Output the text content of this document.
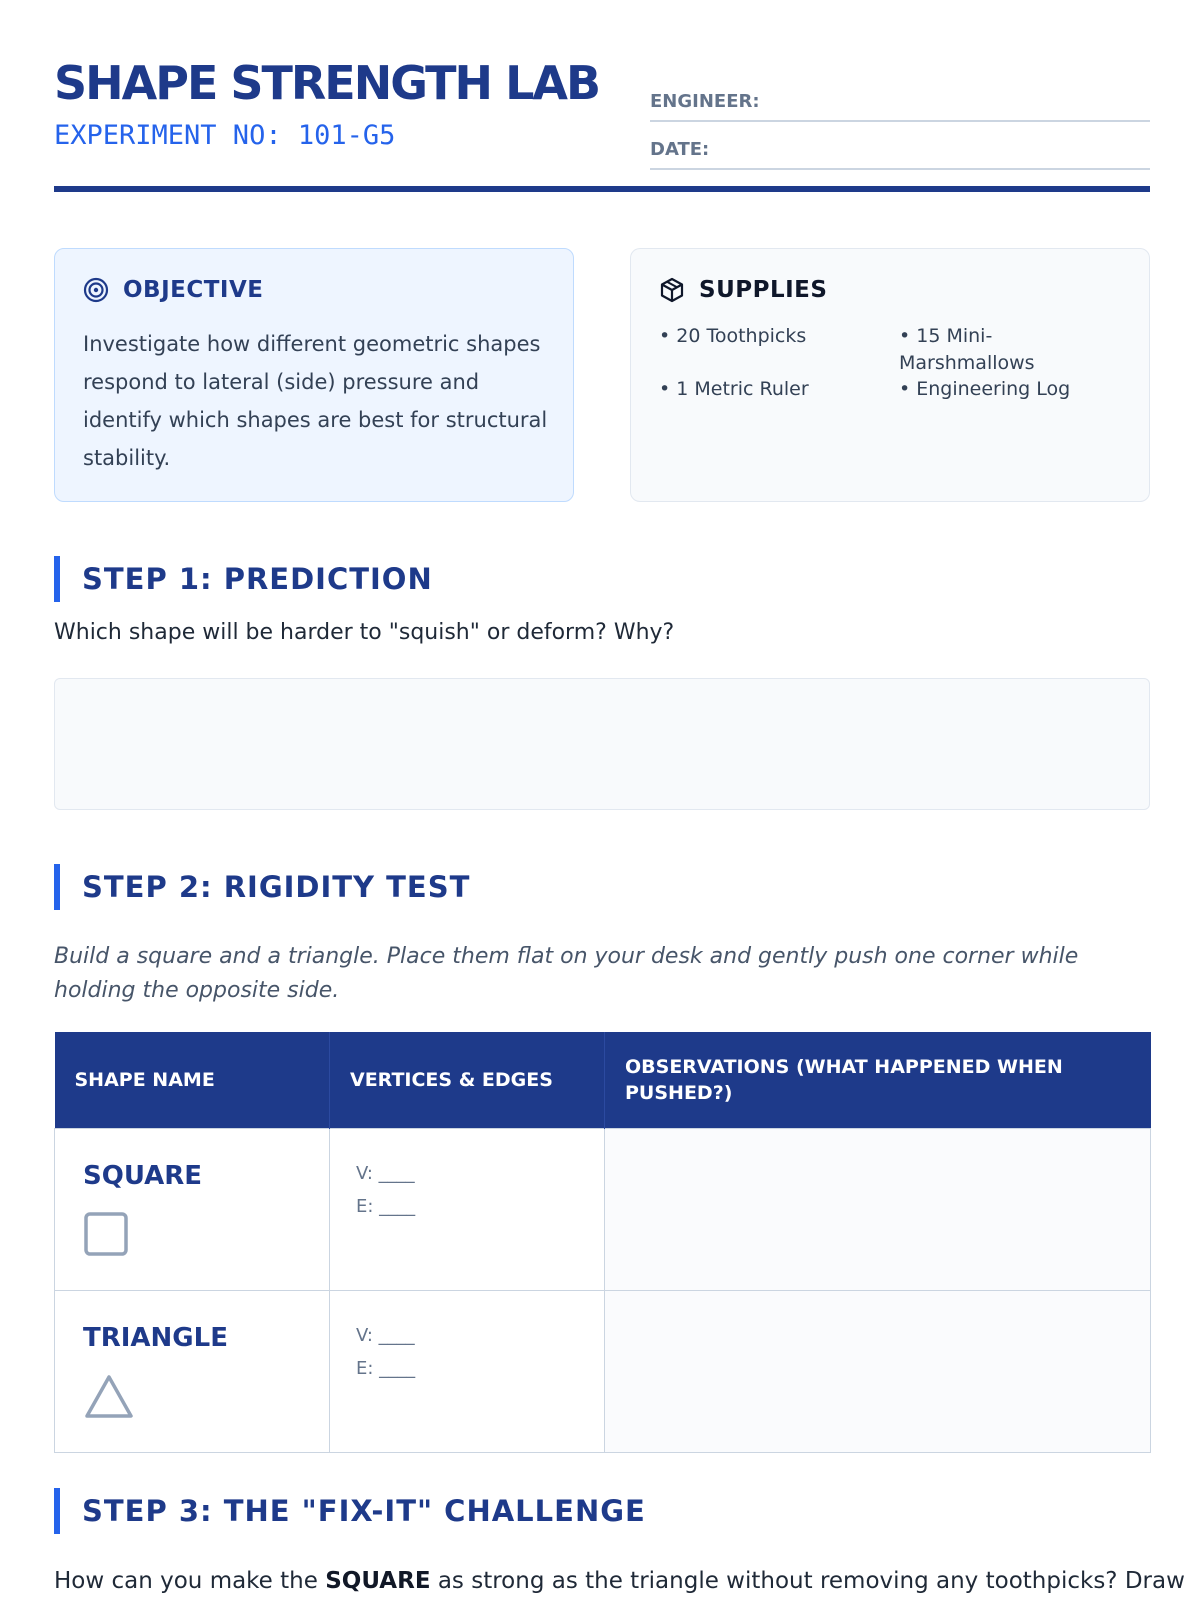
SHAPE STRENGTH LAB
EXPERIMENT NO: 101-G5
ENGINEER:
DATE:
OBJECTIVE
Investigate how different geometric shapes respond to lateral (side) pressure and identify which shapes are best for structural stability.
SUPPLIES
• 20 Toothpicks	• 15 Mini-Marshmallows
• 1 Metric Ruler	• Engineering Log
STEP 1: PREDICTION
Which shape will be harder to "squish" or deform? Why?
STEP 2: RIGIDITY TEST
Build a square and a triangle. Place them flat on your desk and gently push one corner while holding the opposite side.
SHAPE NAME	VERTICES & EDGES	OBSERVATIONS (WHAT HAPPENED WHEN PUSHED?)

SQUARE	V: ____
E: ____	

TRIANGLE	V: ____
E: ____	

STEP 3: THE "FIX-IT" CHALLENGE
How can you make the SQUARE as strong as the triangle without removing any toothpicks? Draw
